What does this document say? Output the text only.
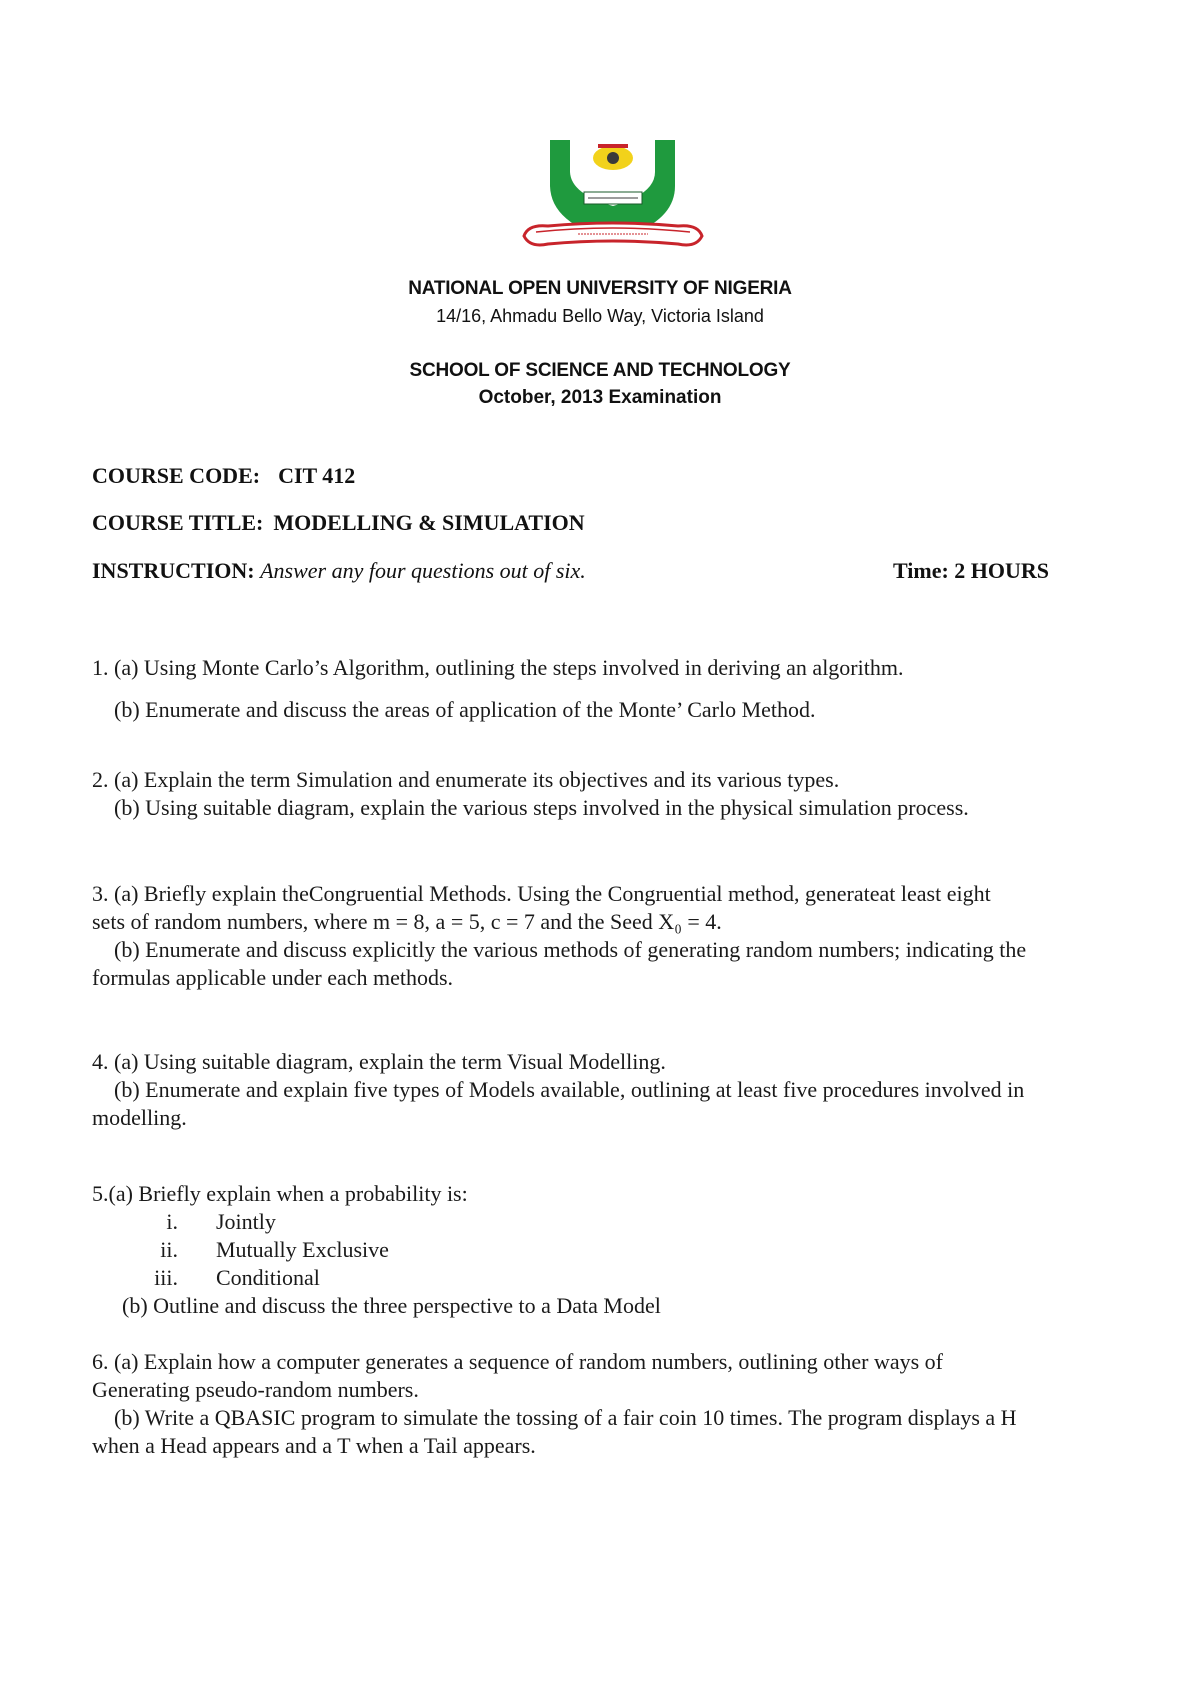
NATIONAL OPEN UNIVERSITY OF NIGERIA
14/16, Ahmadu Bello Way, Victoria Island
SCHOOL OF SCIENCE AND TECHNOLOGY
October, 2013 Examination
COURSE CODE: CIT 412
COURSE TITLE: MODELLING & SIMULATION
INSTRUCTION: Answer any four questions out of six.	Time: 2 HOURS
1. (a) Using Monte Carlo’s Algorithm, outlining the steps involved in deriving an algorithm.
(b) Enumerate and discuss the areas of application of the Monte’ Carlo Method.
2. (a) Explain the term Simulation and enumerate its objectives and its various types.
(b) Using suitable diagram, explain the various steps involved in the physical simulation process.
3. (a) Briefly explain theCongruential Methods. Using the Congruential method, generateat least eight
sets of random numbers, where m = 8, a = 5, c = 7 and the Seed X₀ = 4.
(b) Enumerate and discuss explicitly the various methods of generating random numbers; indicating the
formulas applicable under each methods.
4. (a) Using suitable diagram, explain the term Visual Modelling.
(b) Enumerate and explain five types of Models available, outlining at least five procedures involved in
modelling.
5.(a) Briefly explain when a probability is:
i. Jointly
ii. Mutually Exclusive
iii. Conditional
(b) Outline and discuss the three perspective to a Data Model
6. (a) Explain how a computer generates a sequence of random numbers, outlining other ways of
Generating pseudo-random numbers.
(b) Write a QBASIC program to simulate the tossing of a fair coin 10 times. The program displays a H
when a Head appears and a T when a Tail appears.
